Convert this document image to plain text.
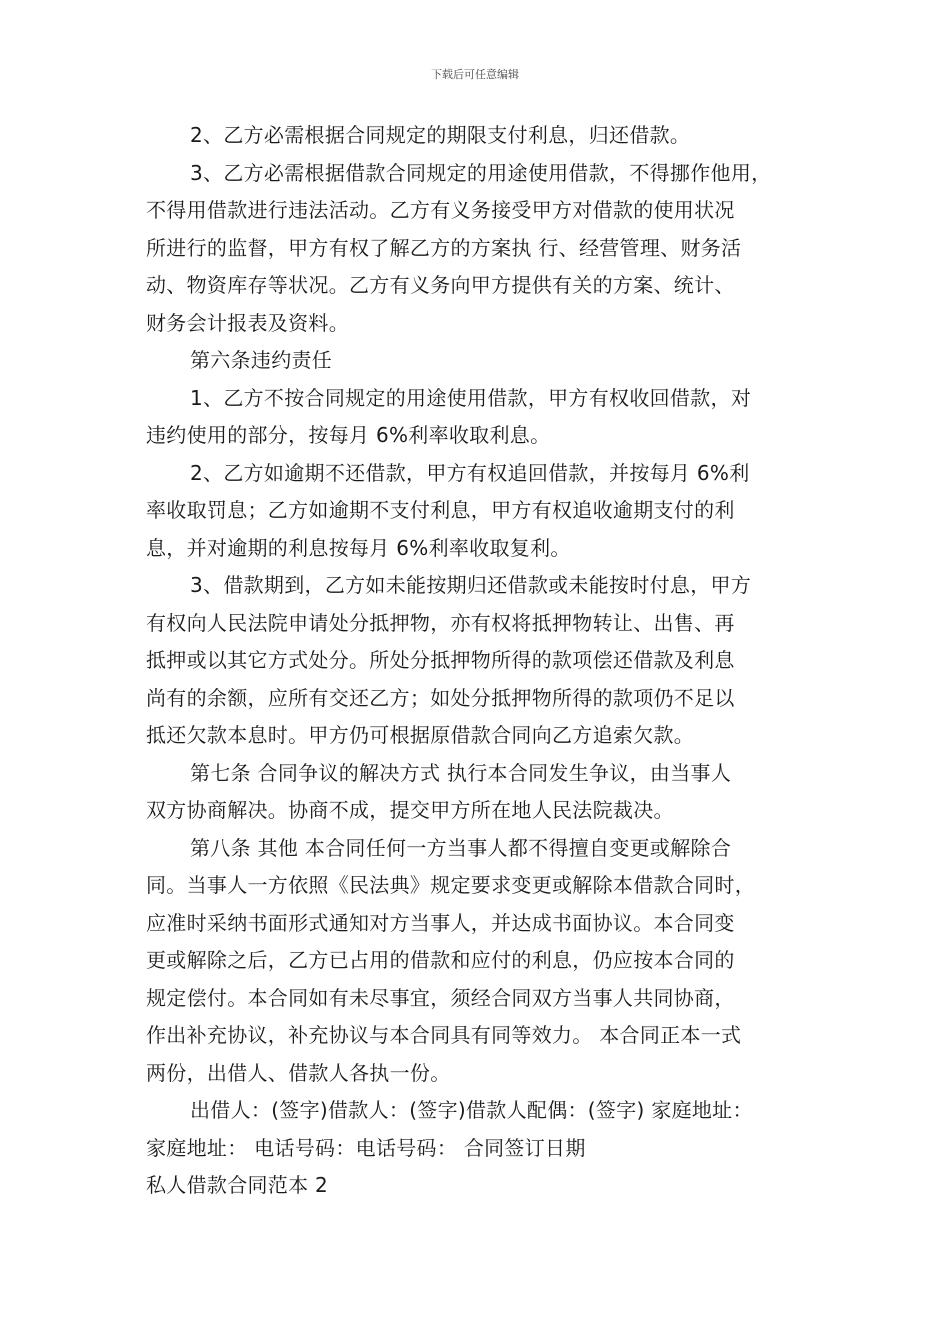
下载后可任意编辑
2、乙方必需根据合同规定的期限支付利息，归还借款。
3、乙方必需根据借款合同规定的用途使用借款，不得挪作他用，
不得用借款进行违法活动。乙方有义务接受甲方对借款的使用状况
所进行的监督，甲方有权了解乙方的方案执 行、经营管理、财务活
动、物资库存等状况。乙方有义务向甲方提供有关的方案、统计、
财务会计报表及资料。
第六条违约责任
1、乙方不按合同规定的用途使用借款，甲方有权收回借款，对
违约使用的部分，按每月 6%利率收取利息。
2、乙方如逾期不还借款，甲方有权追回借款，并按每月 6%利
率收取罚息；乙方如逾期不支付利息，甲方有权追收逾期支付的利
息，并对逾期的利息按每月 6%利率收取复利。
3、借款期到，乙方如未能按期归还借款或未能按时付息，甲方
有权向人民法院申请处分抵押物，亦有权将抵押物转让、出售、再
抵押或以其它方式处分。所处分抵押物所得的款项偿还借款及利息
尚有的余额，应所有交还乙方；如处分抵押物所得的款项仍不足以
抵还欠款本息时。甲方仍可根据原借款合同向乙方追索欠款。
第七条 合同争议的解决方式 执行本合同发生争议，由当事人
双方协商解决。协商不成，提交甲方所在地人民法院裁决。
第八条 其他 本合同任何一方当事人都不得擅自变更或解除合
同。当事人一方依照《民法典》规定要求变更或解除本借款合同时，
应准时采纳书面形式通知对方当事人，并达成书面协议。本合同变
更或解除之后，乙方已占用的借款和应付的利息，仍应按本合同的
规定偿付。本合同如有未尽事宜，须经合同双方当事人共同协商，
作出补充协议，补充协议与本合同具有同等效力。 本合同正本一式
两份，出借人、借款人各执一份。
出借人：(签字)借款人：(签字)借款人配偶：(签字) 家庭地址：
家庭地址： 电话号码：电话号码： 合同签订日期
私人借款合同范本 2
